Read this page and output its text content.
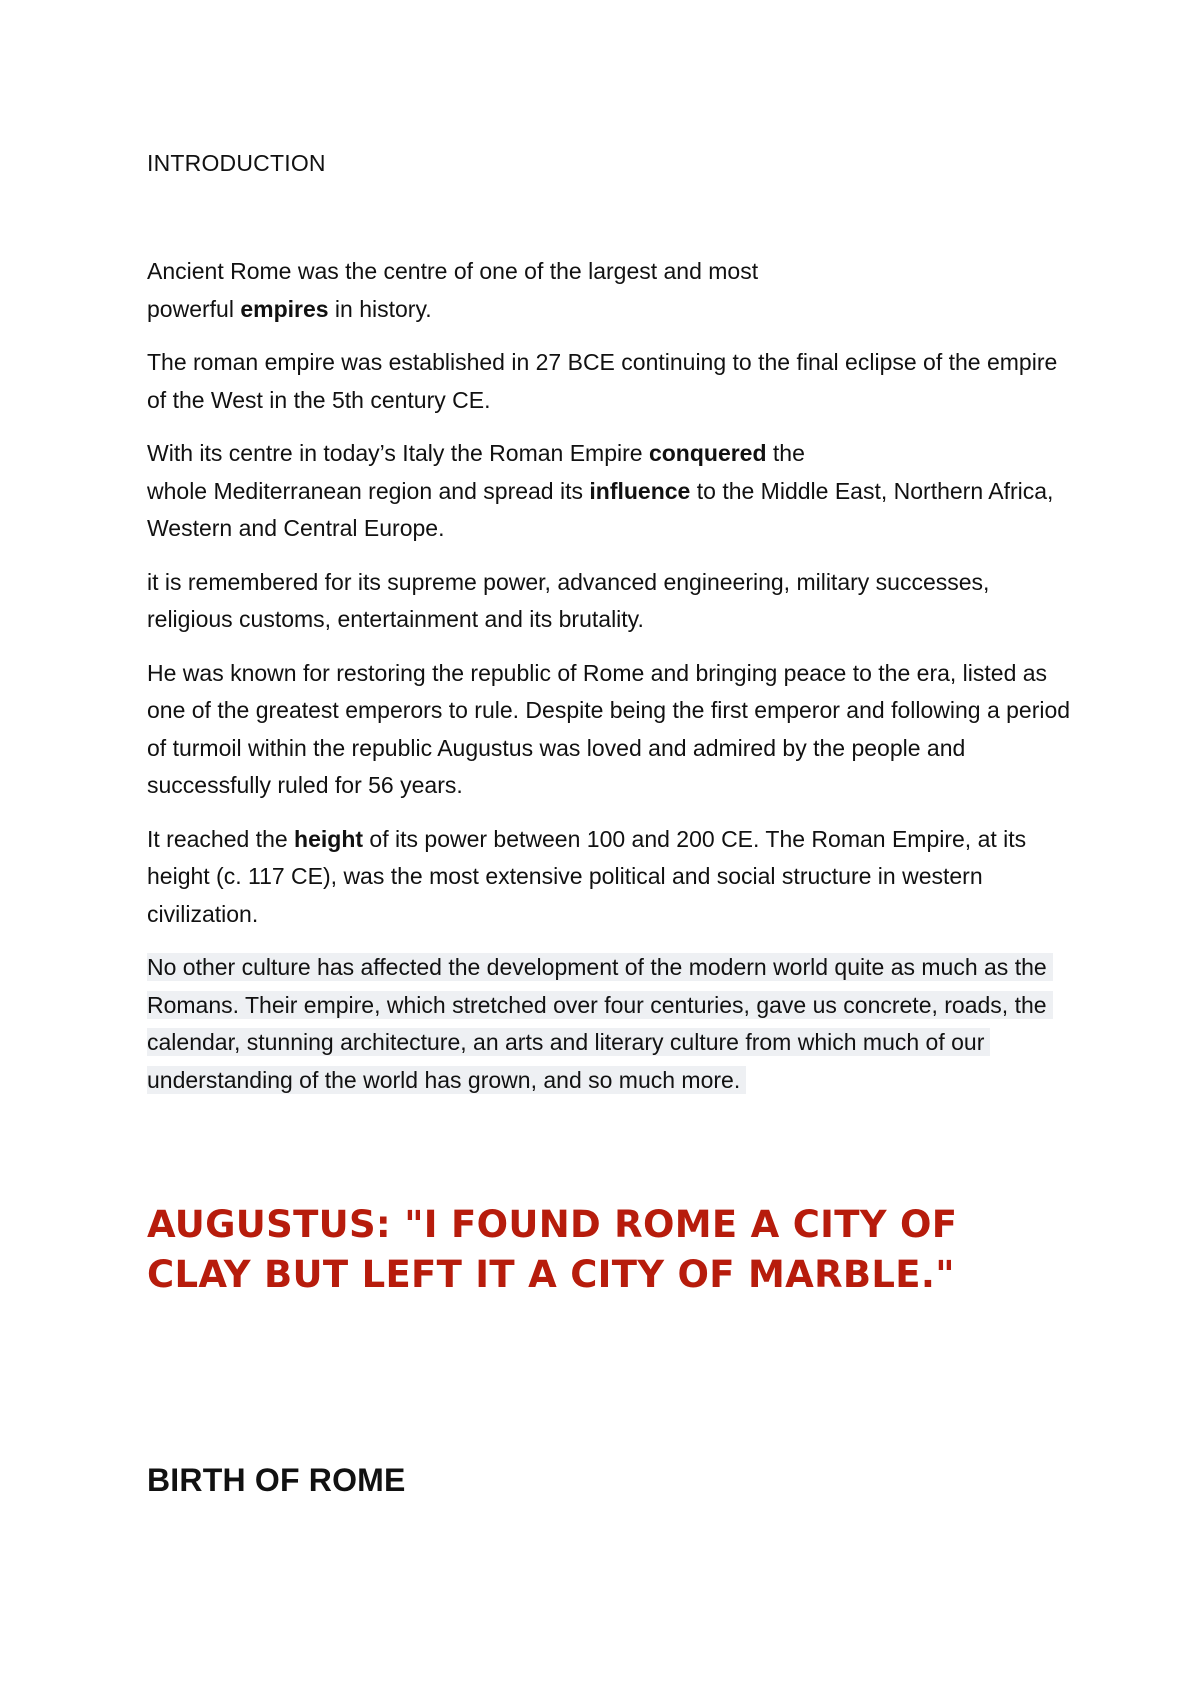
INTRODUCTION

Ancient Rome was the centre of one of the largest and most
powerful empires in history.

The roman empire was established in 27 BCE continuing to the final eclipse of the empire of the West in the 5th century CE.

With its centre in today’s Italy the Roman Empire conquered the
whole Mediterranean region and spread its influence to the Middle East, Northern Africa, Western and Central Europe.

it is remembered for its supreme power, advanced engineering, military successes, religious customs, entertainment and its brutality.

He was known for restoring the republic of Rome and bringing peace to the era, listed as one of the greatest emperors to rule. Despite being the first emperor and following a period of turmoil within the republic Augustus was loved and admired by the people and successfully ruled for 56 years.

It reached the height of its power between 100 and 200 CE. The Roman Empire, at its height (c. 117 CE), was the most extensive political and social structure in western civilization.

No other culture has affected the development of the modern world quite as much as the Romans. Their empire, which stretched over four centuries, gave us concrete, roads, the calendar, stunning architecture, an arts and literary culture from which much of our understanding of the world has grown, and so much more.

AUGUSTUS: "I FOUND ROME A CITY OF CLAY BUT LEFT IT A CITY OF MARBLE."
BIRTH OF ROME
